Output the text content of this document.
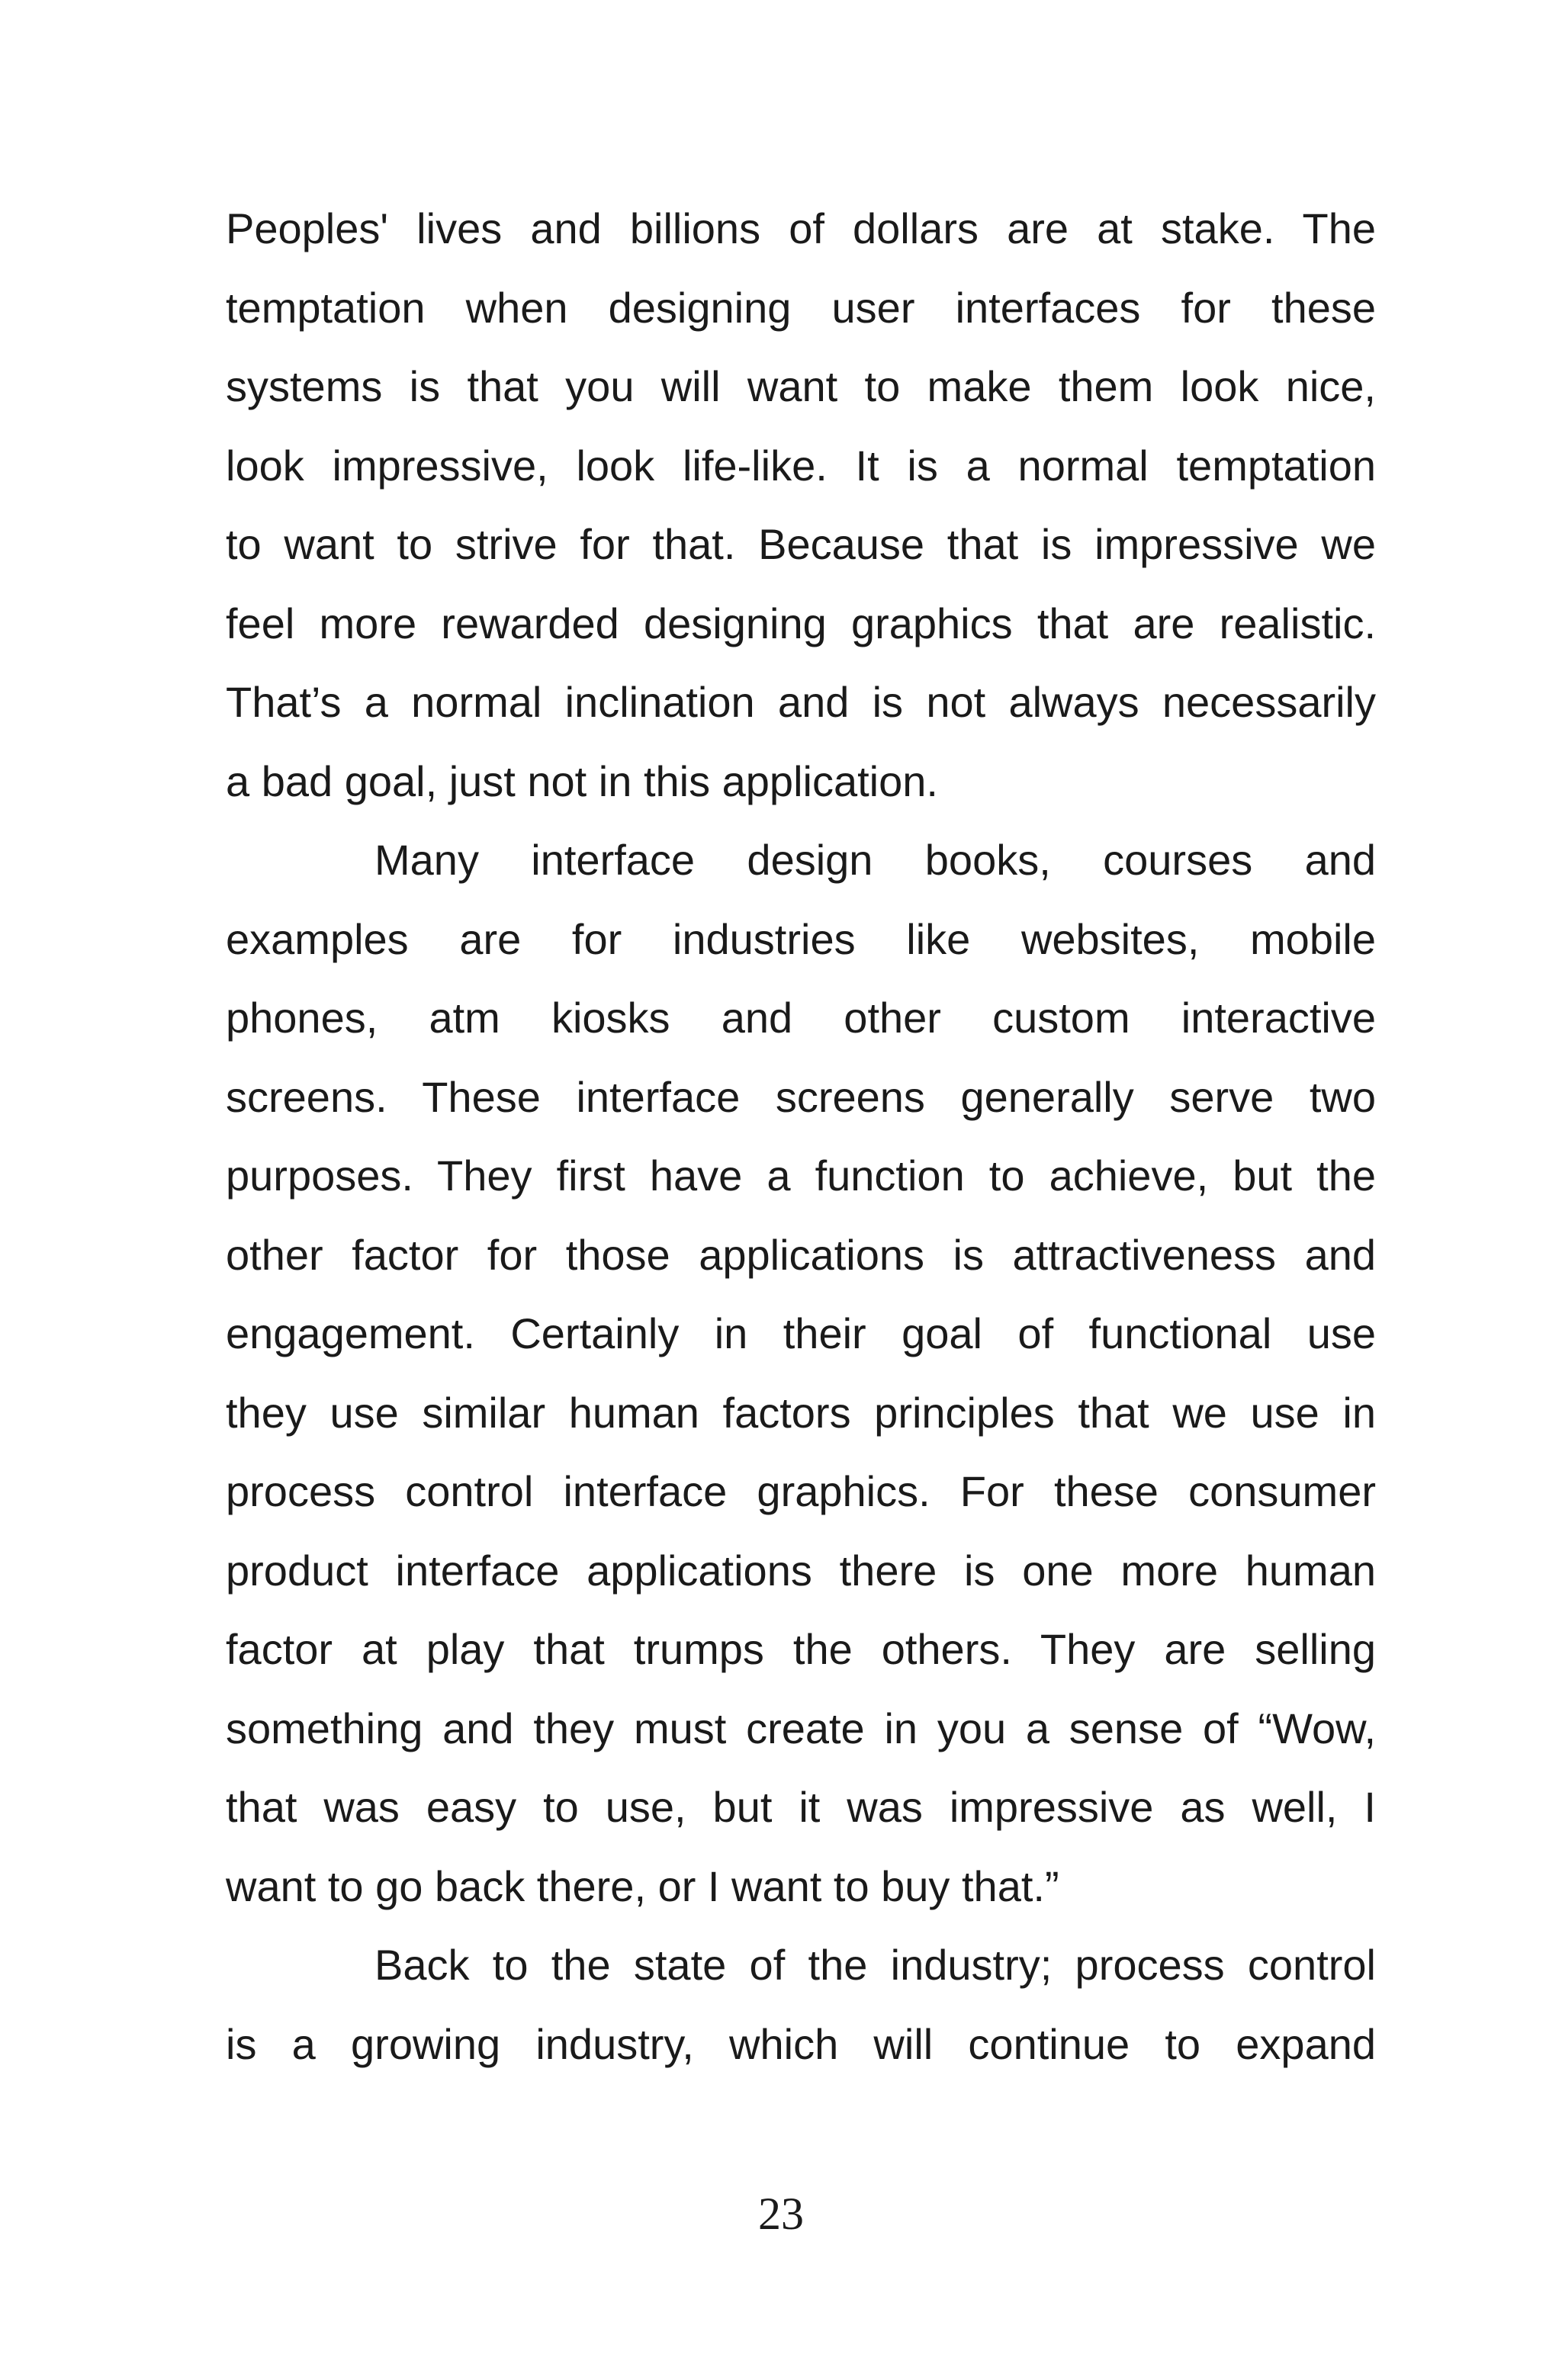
Peoples' lives and billions of dollars are at stake. The
temptation when designing user interfaces for these
systems is that you will want to make them look nice,
look impressive, look life-like. It is a normal temptation
to want to strive for that. Because that is impressive we
feel more rewarded designing graphics that are realistic.
That’s a normal inclination and is not always necessarily
a bad goal, just not in this application.
Many interface design books, courses and
examples are for industries like websites, mobile
phones, atm kiosks and other custom interactive
screens. These interface screens generally serve two
purposes. They first have a function to achieve, but the
other factor for those applications is attractiveness and
engagement. Certainly in their goal of functional use
they use similar human factors principles that we use in
process control interface graphics. For these consumer
product interface applications there is one more human
factor at play that trumps the others. They are selling
something and they must create in you a sense of “Wow,
that was easy to use, but it was impressive as well, I
want to go back there, or I want to buy that.”
Back to the state of the industry; process control
is a growing industry, which will continue to expand
23
